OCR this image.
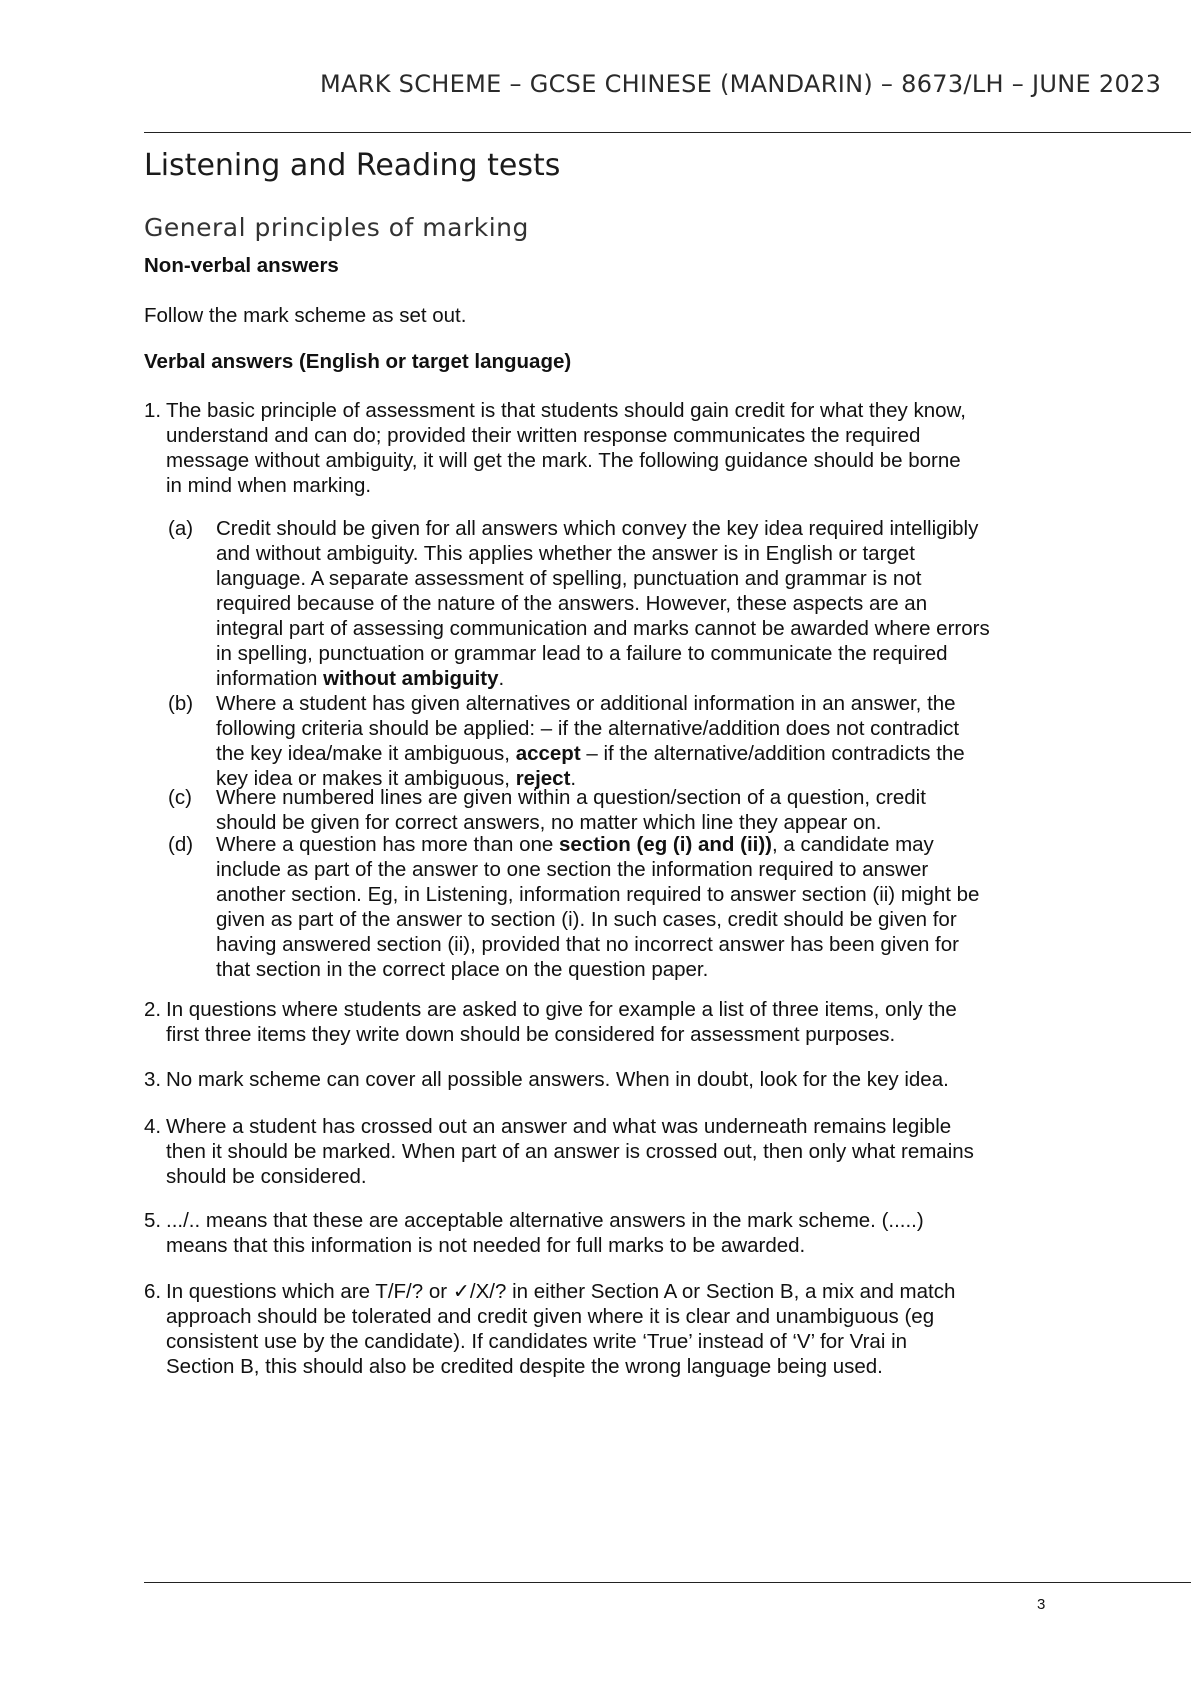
MARK SCHEME – GCSE CHINESE (MANDARIN) – 8673/LH – JUNE 2023
Listening and Reading tests
General principles of marking
Non-verbal answers
Follow the mark scheme as set out.
Verbal answers (English or target language)
1. The basic principle of assessment is that students should gain credit for what they know,
understand and can do; provided their written response communicates the required
message without ambiguity, it will get the mark. The following guidance should be borne
in mind when marking.
(a) Credit should be given for all answers which convey the key idea required intelligibly
and without ambiguity. This applies whether the answer is in English or target
language. A separate assessment of spelling, punctuation and grammar is not
required because of the nature of the answers. However, these aspects are an
integral part of assessing communication and marks cannot be awarded where errors
in spelling, punctuation or grammar lead to a failure to communicate the required
information without ambiguity.
(b) Where a student has given alternatives or additional information in an answer, the
following criteria should be applied: – if the alternative/addition does not contradict
the key idea/make it ambiguous, accept – if the alternative/addition contradicts the
key idea or makes it ambiguous, reject.
(c) Where numbered lines are given within a question/section of a question, credit
should be given for correct answers, no matter which line they appear on.
(d) Where a question has more than one section (eg (i) and (ii)), a candidate may
include as part of the answer to one section the information required to answer
another section. Eg, in Listening, information required to answer section (ii) might be
given as part of the answer to section (i). In such cases, credit should be given for
having answered section (ii), provided that no incorrect answer has been given for
that section in the correct place on the question paper.
2. In questions where students are asked to give for example a list of three items, only the
first three items they write down should be considered for assessment purposes.
3. No mark scheme can cover all possible answers. When in doubt, look for the key idea.
4. Where a student has crossed out an answer and what was underneath remains legible
then it should be marked. When part of an answer is crossed out, then only what remains
should be considered.
5. .../.. means that these are acceptable alternative answers in the mark scheme. (.....)
means that this information is not needed for full marks to be awarded.
6. In questions which are T/F/? or ✓/X/? in either Section A or Section B, a mix and match
approach should be tolerated and credit given where it is clear and unambiguous (eg
consistent use by the candidate). If candidates write ‘True’ instead of ‘V’ for Vrai in
Section B, this should also be credited despite the wrong language being used.
3
